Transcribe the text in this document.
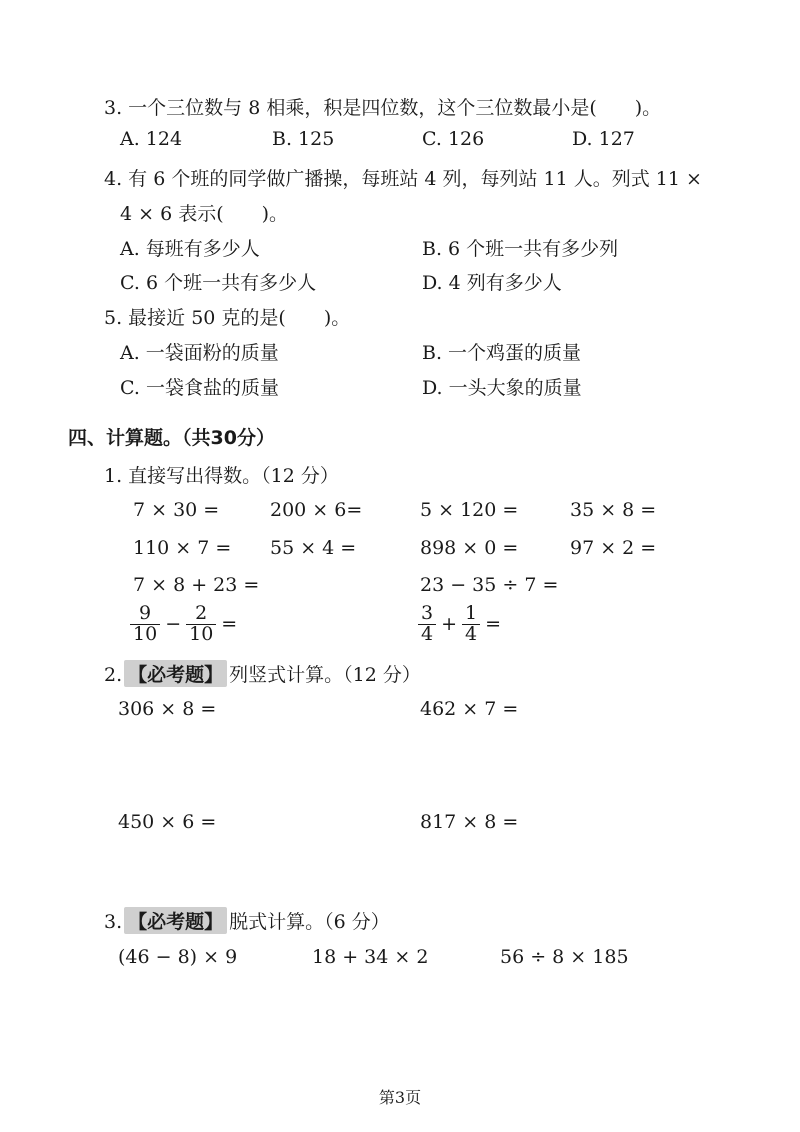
3. 一个三位数与 8 相乘，积是四位数，这个三位数最小是(　　)。
A. 124	B. 125	C. 126	D. 127
4. 有 6 个班的同学做广播操，每班站 4 列，每列站 11 人。列式 11 ×
4 × 6 表示(　　)。
A. 每班有多少人	B. 6 个班一共有多少列
C. 6 个班一共有多少人	D. 4 列有多少人
5. 最接近 50 克的是(　　)。
A. 一袋面粉的质量	B. 一个鸡蛋的质量
C. 一袋食盐的质量	D. 一头大象的质量
四、计算题。（共30分）
1. 直接写出得数。（12 分）
7 × 30 =	200 × 6=	5 × 120 =	35 × 8 =
110 × 7 = 55 × 4 =	898 × 0 =	97 × 2 =
7 × 8 + 23 =	23 − 35 ÷ 7 =
$\frac{9}{10} - \frac{2}{10}$ =	$\frac{3}{4} + \frac{1}{4}$ =
2. 【必考题】 列竖式计算。（12 分）
306 × 8 =	462 × 7 =
450 × 6 =	817 × 8 =
3. 【必考题】 脱式计算。（6 分）
(46 − 8) × 9	18 + 34 × 2	56 ÷ 8 × 185
第3页
